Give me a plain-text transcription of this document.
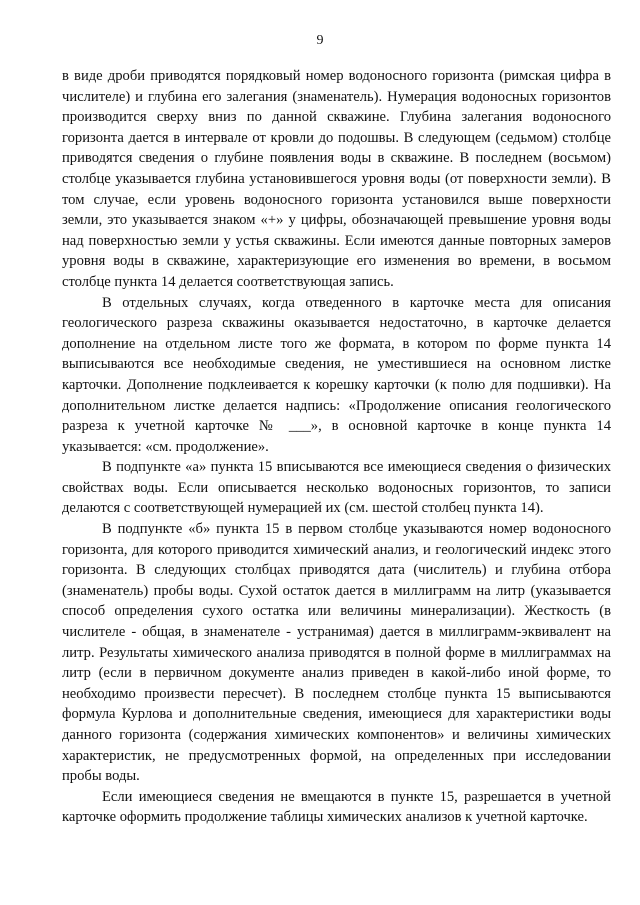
9

в виде дроби приводятся порядковый номер водоносного горизонта (римская цифра в числителе) и глубина его залегания (знаменатель). Нумерация водоносных горизонтов производится сверху вниз по данной скважине. Глубина залегания водоносного горизонта дается в интервале от кровли до подошвы. В следующем (седьмом) столбце приводятся сведения о глубине появления воды в скважине. В последнем (восьмом) столбце указывается глубина установившегося уровня воды (от поверхности земли). В том случае, если уровень водоносного горизонта установился выше поверхности земли, это указывается знаком «+» у цифры, обозначающей превышение уровня воды над поверхностью земли у устья скважины. Если имеются данные повторных замеров уровня воды в скважине, характеризующие его изменения во времени, в восьмом столбце пункта 14 делается соответствующая запись.

В отдельных случаях, когда отведенного в карточке места для описания геологического разреза скважины оказывается недостаточно, в карточке делается дополнение на отдельном листе того же формата, в котором по форме пункта 14 выписываются все необходимые сведения, не уместившиеся на основном листке карточки. Дополнение подклеивается к корешку карточки (к полю для подшивки). На дополнительном листке делается надпись: «Продолжение описания геологического разреза к учетной карточке № ___», в основной карточке в конце пункта 14 указывается: «см. продолжение».

В подпункте «а» пункта 15 вписываются все имеющиеся сведения о физических свойствах воды. Если описывается несколько водоносных горизонтов, то записи делаются с соответствующей нумерацией их (см. шестой столбец пункта 14).

В подпункте «б» пункта 15 в первом столбце указываются номер водоносного горизонта, для которого приводится химический анализ, и геологический индекс этого горизонта. В следующих столбцах приводятся дата (числитель) и глубина отбора (знаменатель) пробы воды. Сухой остаток дается в миллиграмм на литр (указывается способ определения сухого остатка или величины минерализации). Жесткость (в числителе - общая, в знаменателе - устранимая) дается в миллиграмм-эквивалент на литр. Результаты химического анализа приводятся в полной форме в миллиграммах на литр (если в первичном документе анализ приведен в какой-либо иной форме, то необходимо произвести пересчет). В последнем столбце пункта 15 выписываются формула Курлова и дополнительные сведения, имеющиеся для характеристики воды данного горизонта (содержания химических компонентов» и величины химических характеристик, не предусмотренных формой, на определенных при исследовании пробы воды.

Если имеющиеся сведения не вмещаются в пункте 15, разрешается в учетной карточке оформить продолжение таблицы химических анализов к учетной карточке.
